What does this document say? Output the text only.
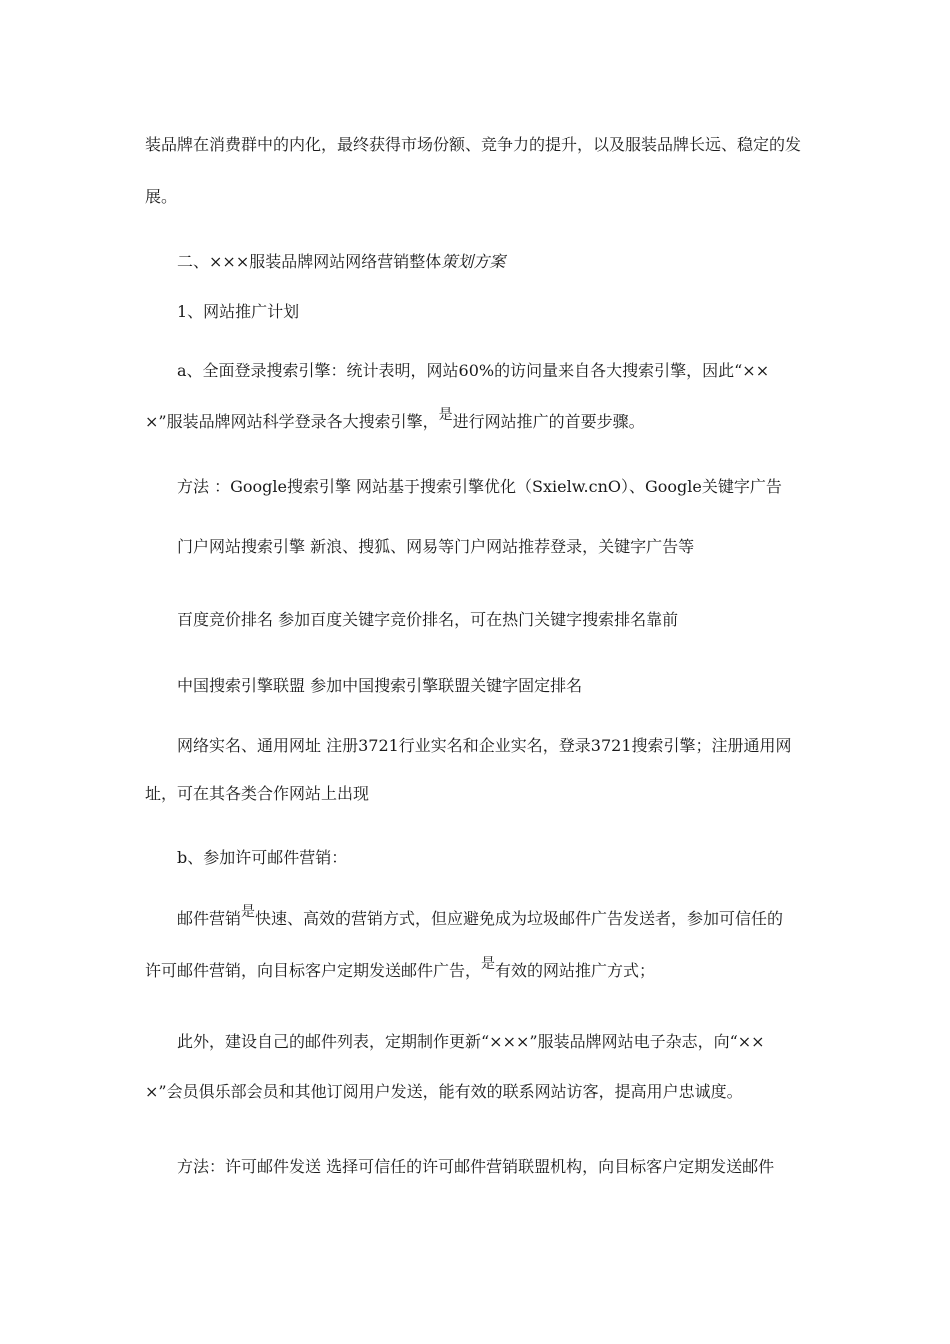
装品牌在消费群中的内化，最终获得市场份额、竞争力的提升，以及服装品牌长远、稳定的发

展。

二、×××服装品牌网站网络营销整体策划方案

1、网站推广计划

a、全面登录搜索引擎：统计表明，网站60%的访问量来自各大搜索引擎，因此“××

×”服装品牌网站科学登录各大搜索引擎，是进行网站推广的首要步骤。

方法 ：Google搜索引擎 网站基于搜索引擎优化（Sxielw.cnO）、Google关键字广告

门户网站搜索引擎 新浪、搜狐、网易等门户网站推荐登录，关键字广告等

百度竞价排名 参加百度关键字竞价排名，可在热门关键字搜索排名靠前

中国搜索引擎联盟 参加中国搜索引擎联盟关键字固定排名

网络实名、通用网址 注册3721行业实名和企业实名，登录3721搜索引擎；注册通用网

址，可在其各类合作网站上出现

b、参加许可邮件营销：

邮件营销是快速、高效的营销方式，但应避免成为垃圾邮件广告发送者，参加可信任的

许可邮件营销，向目标客户定期发送邮件广告，是有效的网站推广方式；

此外，建设自己的邮件列表，定期制作更新“×××”服装品牌网站电子杂志，向“××

×”会员俱乐部会员和其他订阅用户发送，能有效的联系网站访客，提高用户忠诚度。

方法：许可邮件发送 选择可信任的许可邮件营销联盟机构，向目标客户定期发送邮件
